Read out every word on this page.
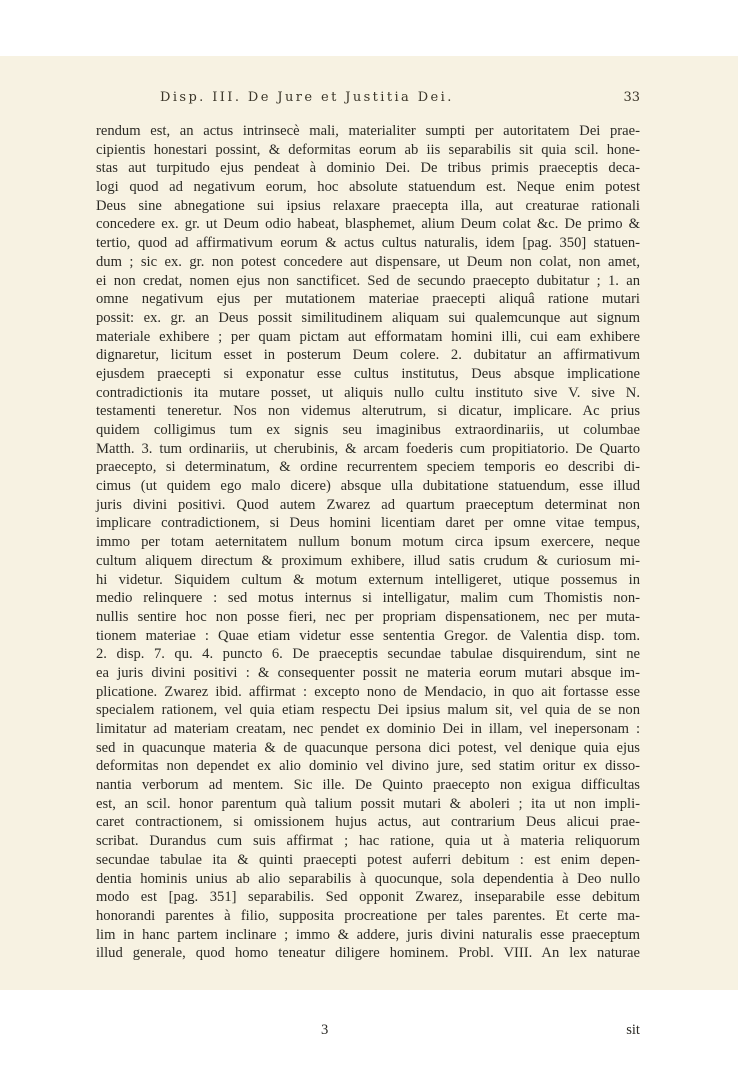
Disp. III. De Jure et Justitia Dei.	33
rendum est, an actus intrinsecè mali, materialiter sumpti per autoritatem Dei prae-
cipientis honestari possint, & deformitas eorum ab iis separabilis sit quia scil. hone-
stas aut turpitudo ejus pendeat à dominio Dei. De tribus primis praeceptis deca-
logi quod ad negativum eorum, hoc absolute statuendum est. Neque enim potest
Deus sine abnegatione sui ipsius relaxare praecepta illa, aut creaturae rationali
concedere ex. gr. ut Deum odio habeat, blasphemet, alium Deum colat &c. De primo &
tertio, quod ad affirmativum eorum & actus cultus naturalis, idem [pag. 350] statuen-
dum ; sic ex. gr. non potest concedere aut dispensare, ut Deum non colat, non amet,
ei non credat, nomen ejus non sanctificet. Sed de secundo praecepto dubitatur ; 1. an
omne negativum ejus per mutationem materiae praecepti aliquâ ratione mutari
possit: ex. gr. an Deus possit similitudinem aliquam sui qualemcunque aut signum
materiale exhibere ; per quam pictam aut efformatam homini illi, cui eam exhibere
dignaretur, licitum esset in posterum Deum colere. 2. dubitatur an affirmativum
ejusdem praecepti si exponatur esse cultus institutus, Deus absque implicatione
contradictionis ita mutare posset, ut aliquis nullo cultu instituto sive V. sive N.
testamenti teneretur. Nos non videmus alterutrum, si dicatur, implicare. Ac prius
quidem colligimus tum ex signis seu imaginibus extraordinariis, ut columbae
Matth. 3. tum ordinariis, ut cherubinis, & arcam foederis cum propitiatorio. De Quarto
praecepto, si determinatum, & ordine recurrentem speciem temporis eo describi di-
cimus (ut quidem ego malo dicere) absque ulla dubitatione statuendum, esse illud
juris divini positivi. Quod autem Zwarez ad quartum praeceptum determinat non
implicare contradictionem, si Deus homini licentiam daret per omne vitae tempus,
immo per totam aeternitatem nullum bonum motum circa ipsum exercere, neque
cultum aliquem directum & proximum exhibere, illud satis crudum & curiosum mi-
hi videtur. Siquidem cultum & motum externum intelligeret, utique possemus in
medio relinquere : sed motus internus si intelligatur, malim cum Thomistis non-
nullis sentire hoc non posse fieri, nec per propriam dispensationem, nec per muta-
tionem materiae : Quae etiam videtur esse sententia Gregor. de Valentia disp. tom.
2. disp. 7. qu. 4. puncto 6. De praeceptis secundae tabulae disquirendum, sint ne
ea juris divini positivi : & consequenter possit ne materia eorum mutari absque im-
plicatione. Zwarez ibid. affirmat : excepto nono de Mendacio, in quo ait fortasse esse
specialem rationem, vel quia etiam respectu Dei ipsius malum sit, vel quia de se non
limitatur ad materiam creatam, nec pendet ex dominio Dei in illam, vel inepersonam :
sed in quacunque materia & de quacunque persona dici potest, vel denique quia ejus
deformitas non dependet ex alio dominio vel divino jure, sed statim oritur ex disso-
nantia verborum ad mentem. Sic ille. De Quinto praecepto non exigua difficultas
est, an scil. honor parentum quà talium possit mutari & aboleri ; ita ut non impli-
caret contractionem, si omissionem hujus actus, aut contrarium Deus alicui prae-
scribat. Durandus cum suis affirmat ; hac ratione, quia ut à materia reliquorum
secundae tabulae ita & quinti praecepti potest auferri debitum : est enim depen-
dentia hominis unius ab alio separabilis à quocunque, sola dependentia à Deo nullo
modo est [pag. 351] separabilis. Sed opponit Zwarez, inseparabile esse debitum
honorandi parentes à filio, supposita procreatione per tales parentes. Et certe ma-
lim in hanc partem inclinare ; immo & addere, juris divini naturalis esse praeceptum
illud generale, quod homo teneatur diligere hominem. Probl. VIII. An lex naturae
3	sit
